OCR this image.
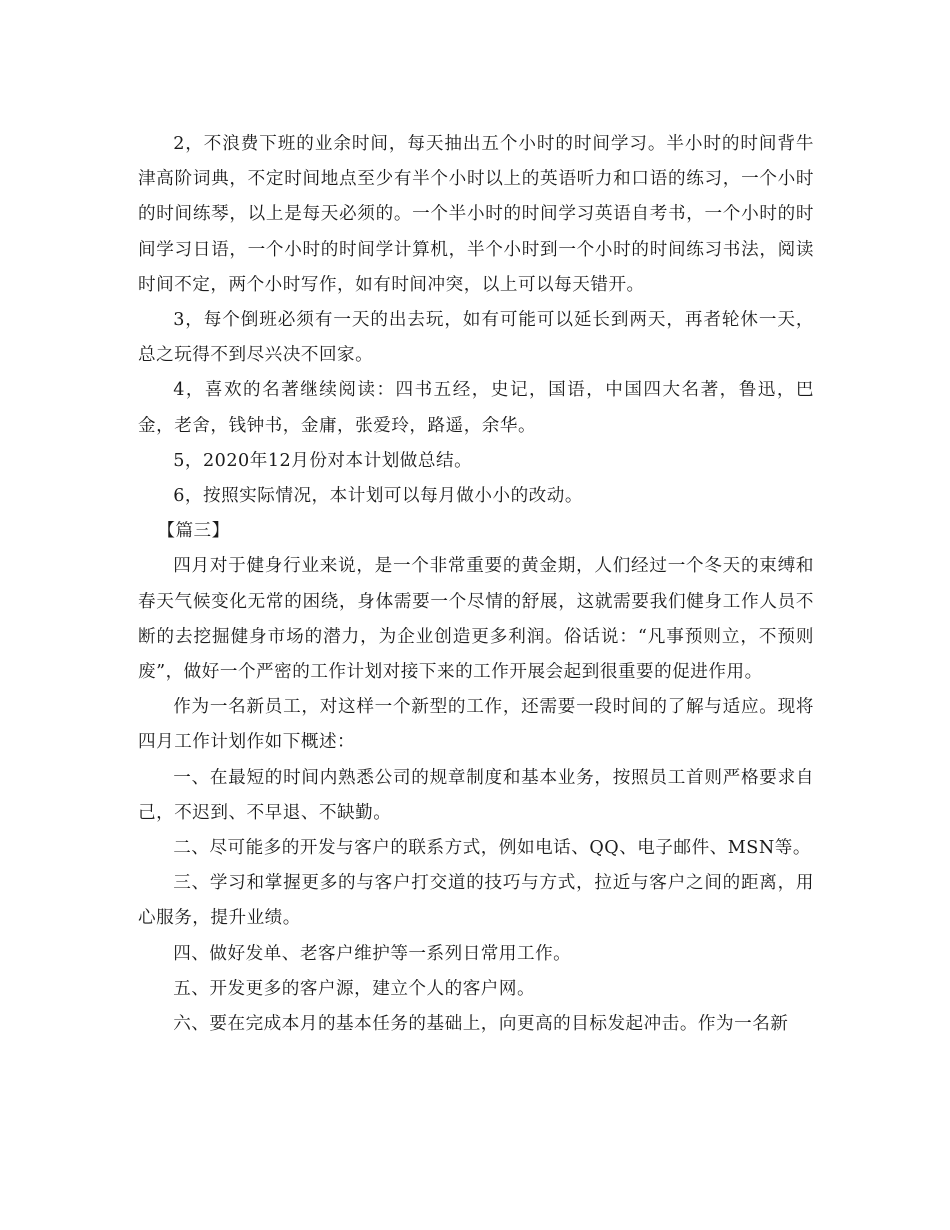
2，不浪费下班的业余时间，每天抽出五个小时的时间学习。半小时的时间背牛津高阶词典，不定时间地点至少有半个小时以上的英语听力和口语的练习，一个小时的时间练琴，以上是每天必须的。一个半小时的时间学习英语自考书，一个小时的时间学习日语，一个小时的时间学计算机，半个小时到一个小时的时间练习书法，阅读时间不定，两个小时写作，如有时间冲突，以上可以每天错开。

3，每个倒班必须有一天的出去玩，如有可能可以延长到两天，再者轮休一天，总之玩得不到尽兴决不回家。

4，喜欢的名著继续阅读：四书五经，史记，国语，中国四大名著，鲁迅，巴金，老舍，钱钟书，金庸，张爱玲，路遥，余华。

5，2020年12月份对本计划做总结。

6，按照实际情况，本计划可以每月做小小的改动。

【篇三】

四月对于健身行业来说，是一个非常重要的黄金期，人们经过一个冬天的束缚和春天气候变化无常的困绕，身体需要一个尽情的舒展，这就需要我们健身工作人员不断的去挖掘健身市场的潜力，为企业创造更多利润。俗话说：“凡事预则立，不预则废”，做好一个严密的工作计划对接下来的工作开展会起到很重要的促进作用。

作为一名新员工，对这样一个新型的工作，还需要一段时间的了解与适应。现将四月工作计划作如下概述：

一、在最短的时间内熟悉公司的规章制度和基本业务，按照员工首则严格要求自己，不迟到、不早退、不缺勤。

二、尽可能多的开发与客户的联系方式，例如电话、QQ、电子邮件、MSN等。

三、学习和掌握更多的与客户打交道的技巧与方式，拉近与客户之间的距离，用心服务，提升业绩。

四、做好发单、老客户维护等一系列日常用工作。

五、开发更多的客户源，建立个人的客户网。

六、要在完成本月的基本任务的基础上，向更高的目标发起冲击。作为一名新
